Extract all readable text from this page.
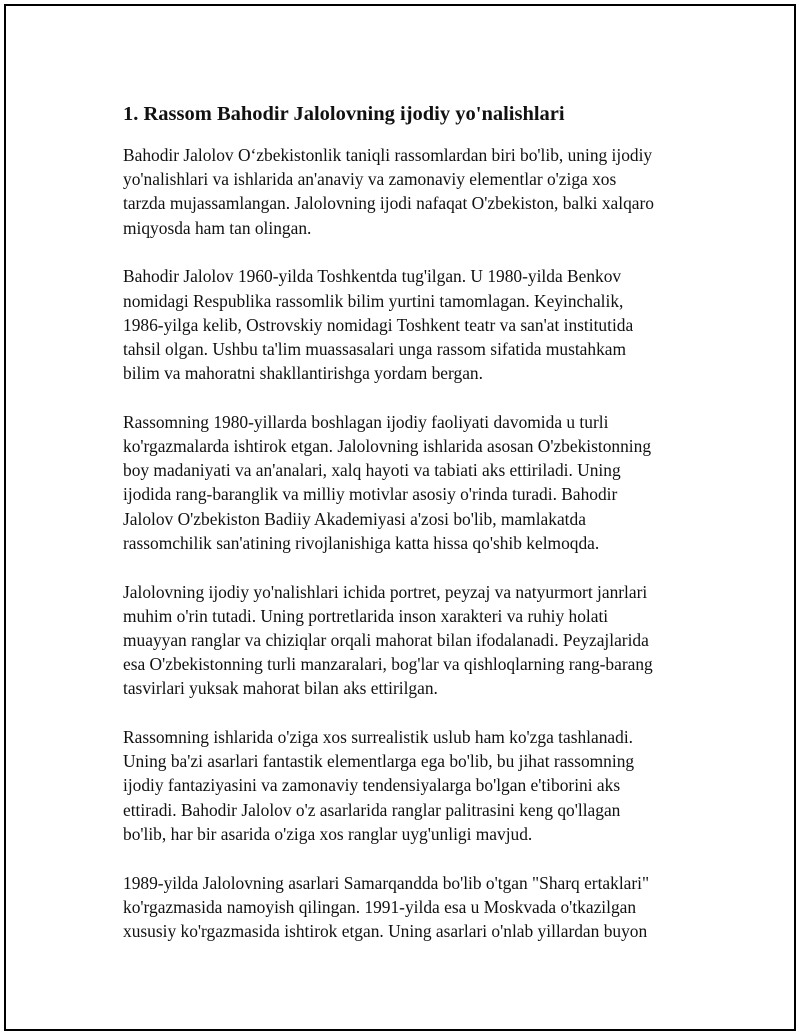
1. Rassom Bahodir Jalolovning ijodiy yo'nalishlari

Bahodir Jalolov O‘zbekistonlik taniqli rassomlardan biri bo'lib, uning ijodiy
yo'nalishlari va ishlarida an'anaviy va zamonaviy elementlar o'ziga xos
tarzda mujassamlangan. Jalolovning ijodi nafaqat O'zbekiston, balki xalqaro
miqyosda ham tan olingan.

Bahodir Jalolov 1960-yilda Toshkentda tug'ilgan. U 1980-yilda Benkov
nomidagi Respublika rassomlik bilim yurtini tamomlagan. Keyinchalik,
1986-yilga kelib, Ostrovskiy nomidagi Toshkent teatr va san'at institutida
tahsil olgan. Ushbu ta'lim muassasalari unga rassom sifatida mustahkam
bilim va mahoratni shakllantirishga yordam bergan.

Rassomning 1980-yillarda boshlagan ijodiy faoliyati davomida u turli
ko'rgazmalarda ishtirok etgan. Jalolovning ishlarida asosan O'zbekistonning
boy madaniyati va an'analari, xalq hayoti va tabiati aks ettiriladi. Uning
ijodida rang-baranglik va milliy motivlar asosiy o'rinda turadi. Bahodir
Jalolov O'zbekiston Badiiy Akademiyasi a'zosi bo'lib, mamlakatda
rassomchilik san'atining rivojlanishiga katta hissa qo'shib kelmoqda.

Jalolovning ijodiy yo'nalishlari ichida portret, peyzaj va natyurmort janrlari
muhim o'rin tutadi. Uning portretlarida inson xarakteri va ruhiy holati
muayyan ranglar va chiziqlar orqali mahorat bilan ifodalanadi. Peyzajlarida
esa O'zbekistonning turli manzaralari, bog'lar va qishloqlarning rang-barang
tasvirlari yuksak mahorat bilan aks ettirilgan.

Rassomning ishlarida o'ziga xos surrealistik uslub ham ko'zga tashlanadi.
Uning ba'zi asarlari fantastik elementlarga ega bo'lib, bu jihat rassomning
ijodiy fantaziyasini va zamonaviy tendensiyalarga bo'lgan e'tiborini aks
ettiradi. Bahodir Jalolov o'z asarlarida ranglar palitrasini keng qo'llagan
bo'lib, har bir asarida o'ziga xos ranglar uyg'unligi mavjud.

1989-yilda Jalolovning asarlari Samarqandda bo'lib o'tgan "Sharq ertaklari"
ko'rgazmasida namoyish qilingan. 1991-yilda esa u Moskvada o'tkazilgan
xususiy ko'rgazmasida ishtirok etgan. Uning asarlari o'nlab yillardan buyon
